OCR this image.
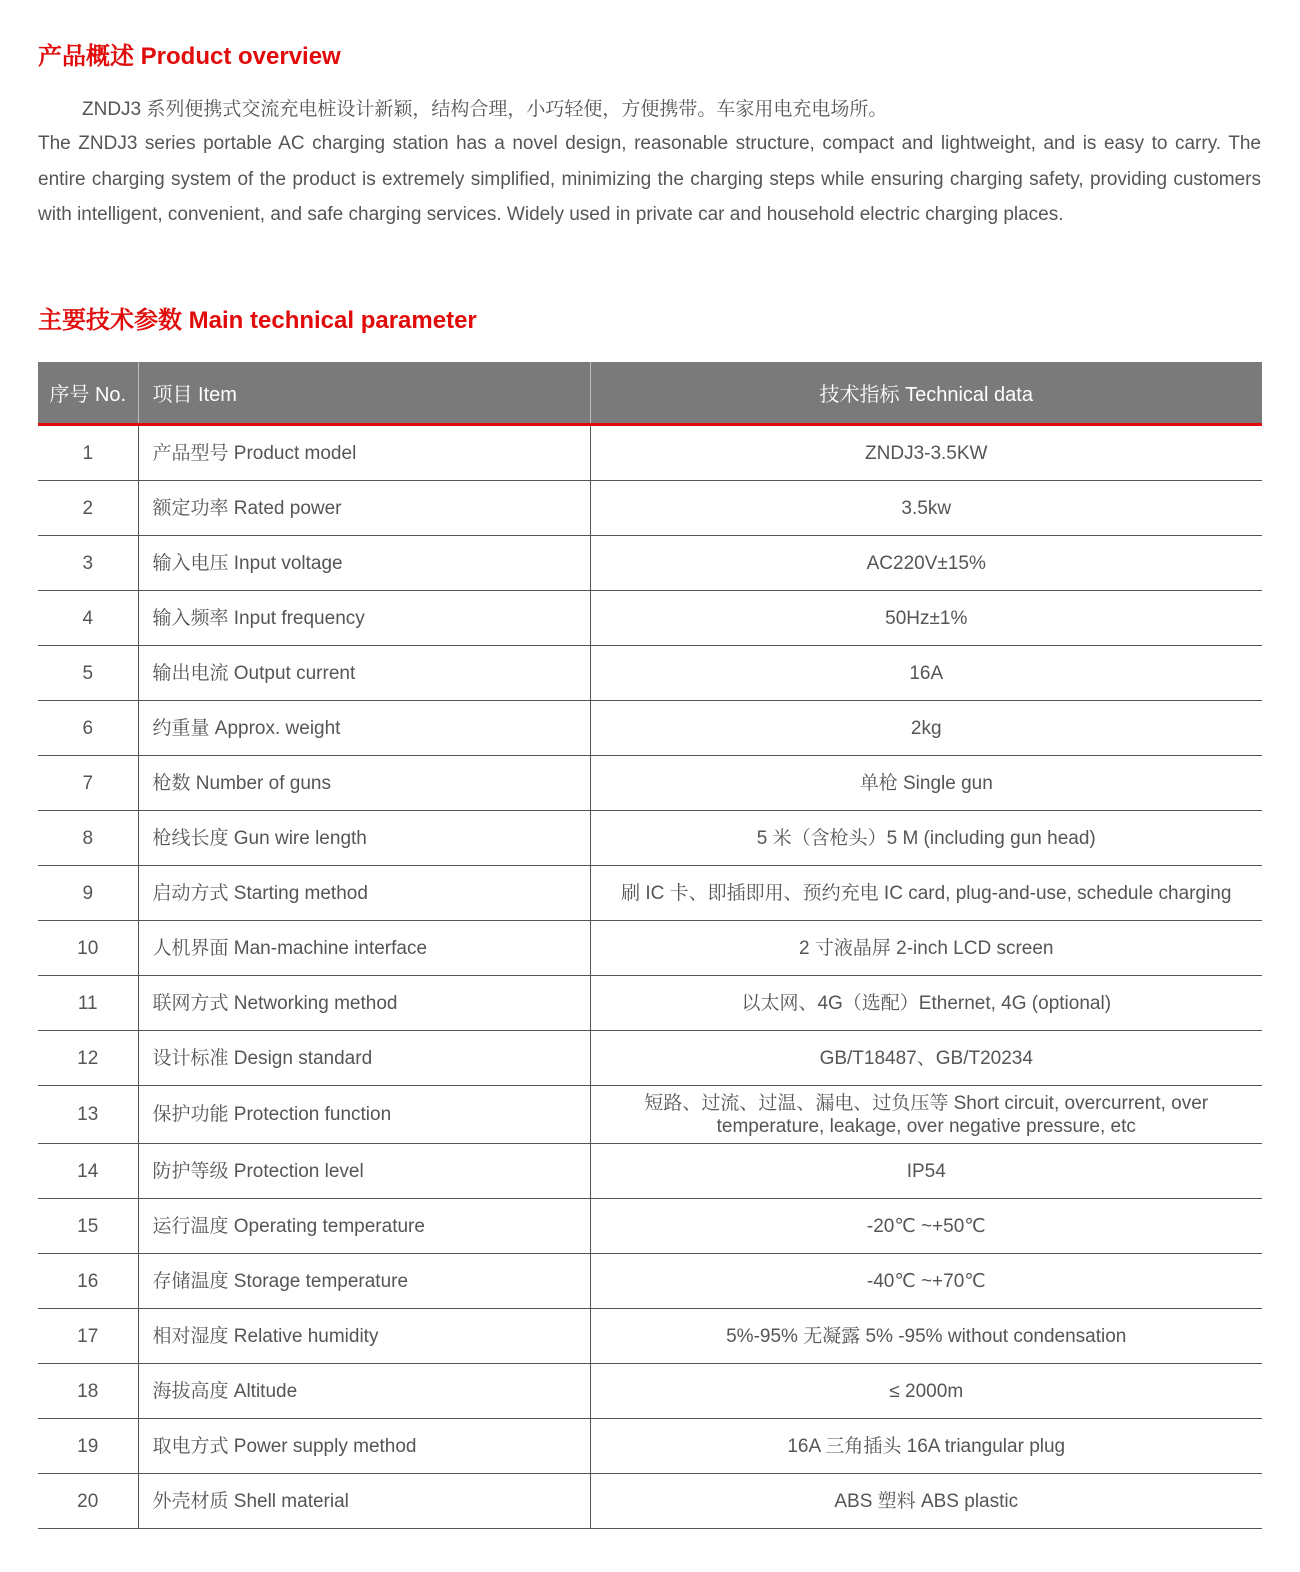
产品概述 Product overview
ZNDJ3 系列便携式交流充电桩设计新颖，结构合理，小巧轻便，方便携带。车家用电充电场所。
The ZNDJ3 series portable AC charging station has a novel design, reasonable structure, compact and lightweight, and is easy to carry. The entire charging system of the product is extremely simplified, minimizing the charging steps while ensuring charging safety, providing customers with intelligent, convenient, and safe charging services. Widely used in private car and household electric charging places.
主要技术参数 Main technical parameter
序号 No.	项目 Item	技术指标 Technical data
1	产品型号 Product model	ZNDJ3-3.5KW
2	额定功率 Rated power	3.5kw
3	输入电压 Input voltage	AC220V±15%
4	输入频率 Input frequency	50Hz±1%
5	输出电流 Output current	16A
6	约重量 Approx. weight	2kg
7	枪数 Number of guns	单枪 Single gun
8	枪线长度 Gun wire length	5 米（含枪头）5 M (including gun head)
9	启动方式 Starting method	刷 IC 卡、即插即用、预约充电 IC card, plug-and-use, schedule charging
10	人机界面 Man-machine interface	2 寸液晶屏 2-inch LCD screen
11	联网方式 Networking method	以太网、4G（选配）Ethernet, 4G (optional)
12	设计标准 Design standard	GB/T18487、GB/T20234
13	保护功能 Protection function	短路、过流、过温、漏电、过负压等 Short circuit, overcurrent, over temperature, leakage, over negative pressure, etc
14	防护等级 Protection level	IP54
15	运行温度 Operating temperature	-20℃ ~+50℃
16	存储温度 Storage temperature	-40℃ ~+70℃
17	相对湿度 Relative humidity	5%-95% 无凝露 5% -95% without condensation
18	海拔高度 Altitude	≤ 2000m
19	取电方式 Power supply method	16A 三角插头 16A triangular plug
20	外壳材质 Shell material	ABS 塑料 ABS plastic
